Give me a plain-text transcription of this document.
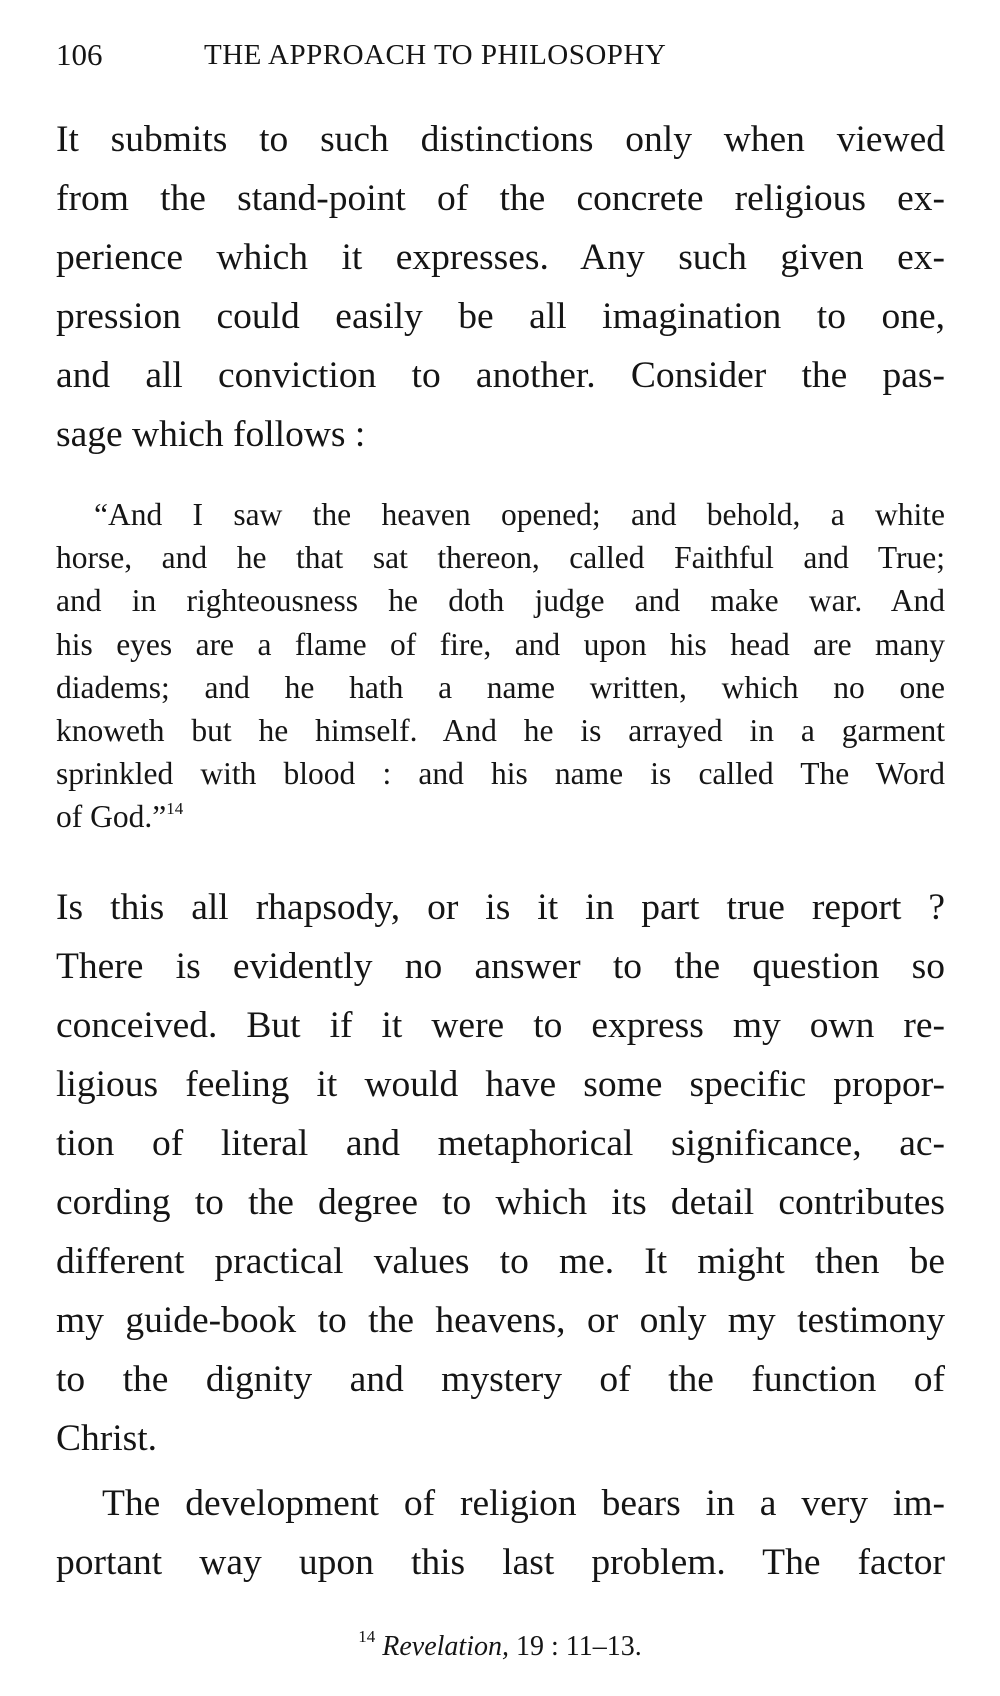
106	THE APPROACH TO PHILOSOPHY
It submits to such distinctions only when viewed
from the stand-point of the concrete religious ex-
perience which it expresses. Any such given ex-
pression could easily be all imagination to one,
and all conviction to another. Consider the pas-
sage which follows :
“And I saw the heaven opened; and behold, a white
horse, and he that sat thereon, called Faithful and True;
and in righteousness he doth judge and make war. And
his eyes are a flame of fire, and upon his head are many
diadems; and he hath a name written, which no one
knoweth but he himself. And he is arrayed in a garment
sprinkled with blood : and his name is called The Word
of God.”$^{14}$
Is this all rhapsody, or is it in part true report ?
There is evidently no answer to the question so
conceived. But if it were to express my own re-
ligious feeling it would have some specific propor-
tion of literal and metaphorical significance, ac-
cording to the degree to which its detail contributes
different practical values to me. It might then be
my guide-book to the heavens, or only my testimony
to the dignity and mystery of the function of
Christ.
The development of religion bears in a very im-
portant way upon this last problem. The factor
$^{14}$ Revelation, 19 : 11–13.
